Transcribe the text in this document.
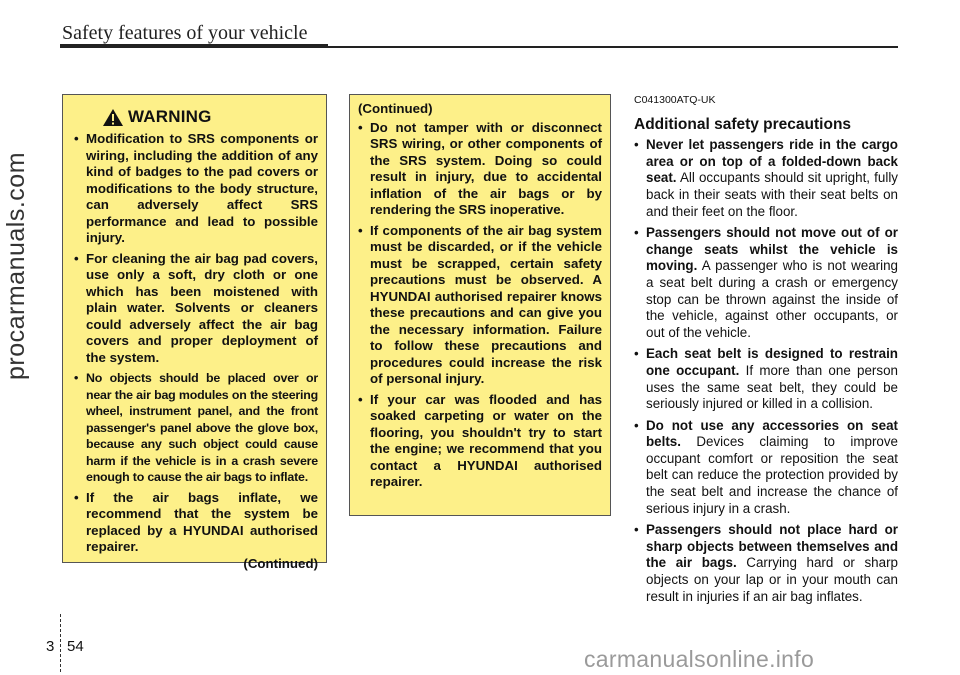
Safety features of your vehicle
procarmanuals.com
WARNING
• Modification to SRS components or wiring, including the addition of any kind of badges to the pad covers or modifications to the body structure, can adversely affect SRS performance and lead to possible injury.
• For cleaning the air bag pad covers, use only a soft, dry cloth or one which has been moistened with plain water. Solvents or cleaners could adversely affect the air bag covers and proper deployment of the system.
• No objects should be placed over or near the air bag modules on the steering wheel, instrument panel, and the front passenger's panel above the glove box, because any such object could cause harm if the vehicle is in a crash severe enough to cause the air bags to inflate.
• If the air bags inflate, we recommend that the system be replaced by a HYUNDAI authorised repairer.
(Continued)
(Continued)
• Do not tamper with or disconnect SRS wiring, or other components of the SRS system. Doing so could result in injury, due to accidental inflation of the air bags or by rendering the SRS inoperative.
• If components of the air bag system must be discarded, or if the vehicle must be scrapped, certain safety precautions must be observed. A HYUNDAI authorised repairer knows these precautions and can give you the necessary information. Failure to follow these precautions and procedures could increase the risk of personal injury.
• If your car was flooded and has soaked carpeting or water on the flooring, you shouldn't try to start the engine; we recommend that you contact a HYUNDAI authorised repairer.
C041300ATQ-UK
Additional safety precautions
• Never let passengers ride in the cargo area or on top of a folded-down back seat. All occupants should sit upright, fully back in their seats with their seat belts on and their feet on the floor.
• Passengers should not move out of or change seats whilst the vehicle is moving. A passenger who is not wearing a seat belt during a crash or emergency stop can be thrown against the inside of the vehicle, against other occupants, or out of the vehicle.
• Each seat belt is designed to restrain one occupant. If more than one person uses the same seat belt, they could be seriously injured or killed in a collision.
• Do not use any accessories on seat belts. Devices claiming to improve occupant comfort or reposition the seat belt can reduce the protection provided by the seat belt and increase the chance of serious injury in a crash.
• Passengers should not place hard or sharp objects between themselves and the air bags. Carrying hard or sharp objects on your lap or in your mouth can result in injuries if an air bag inflates.
3 54	carmanualsonline.info
